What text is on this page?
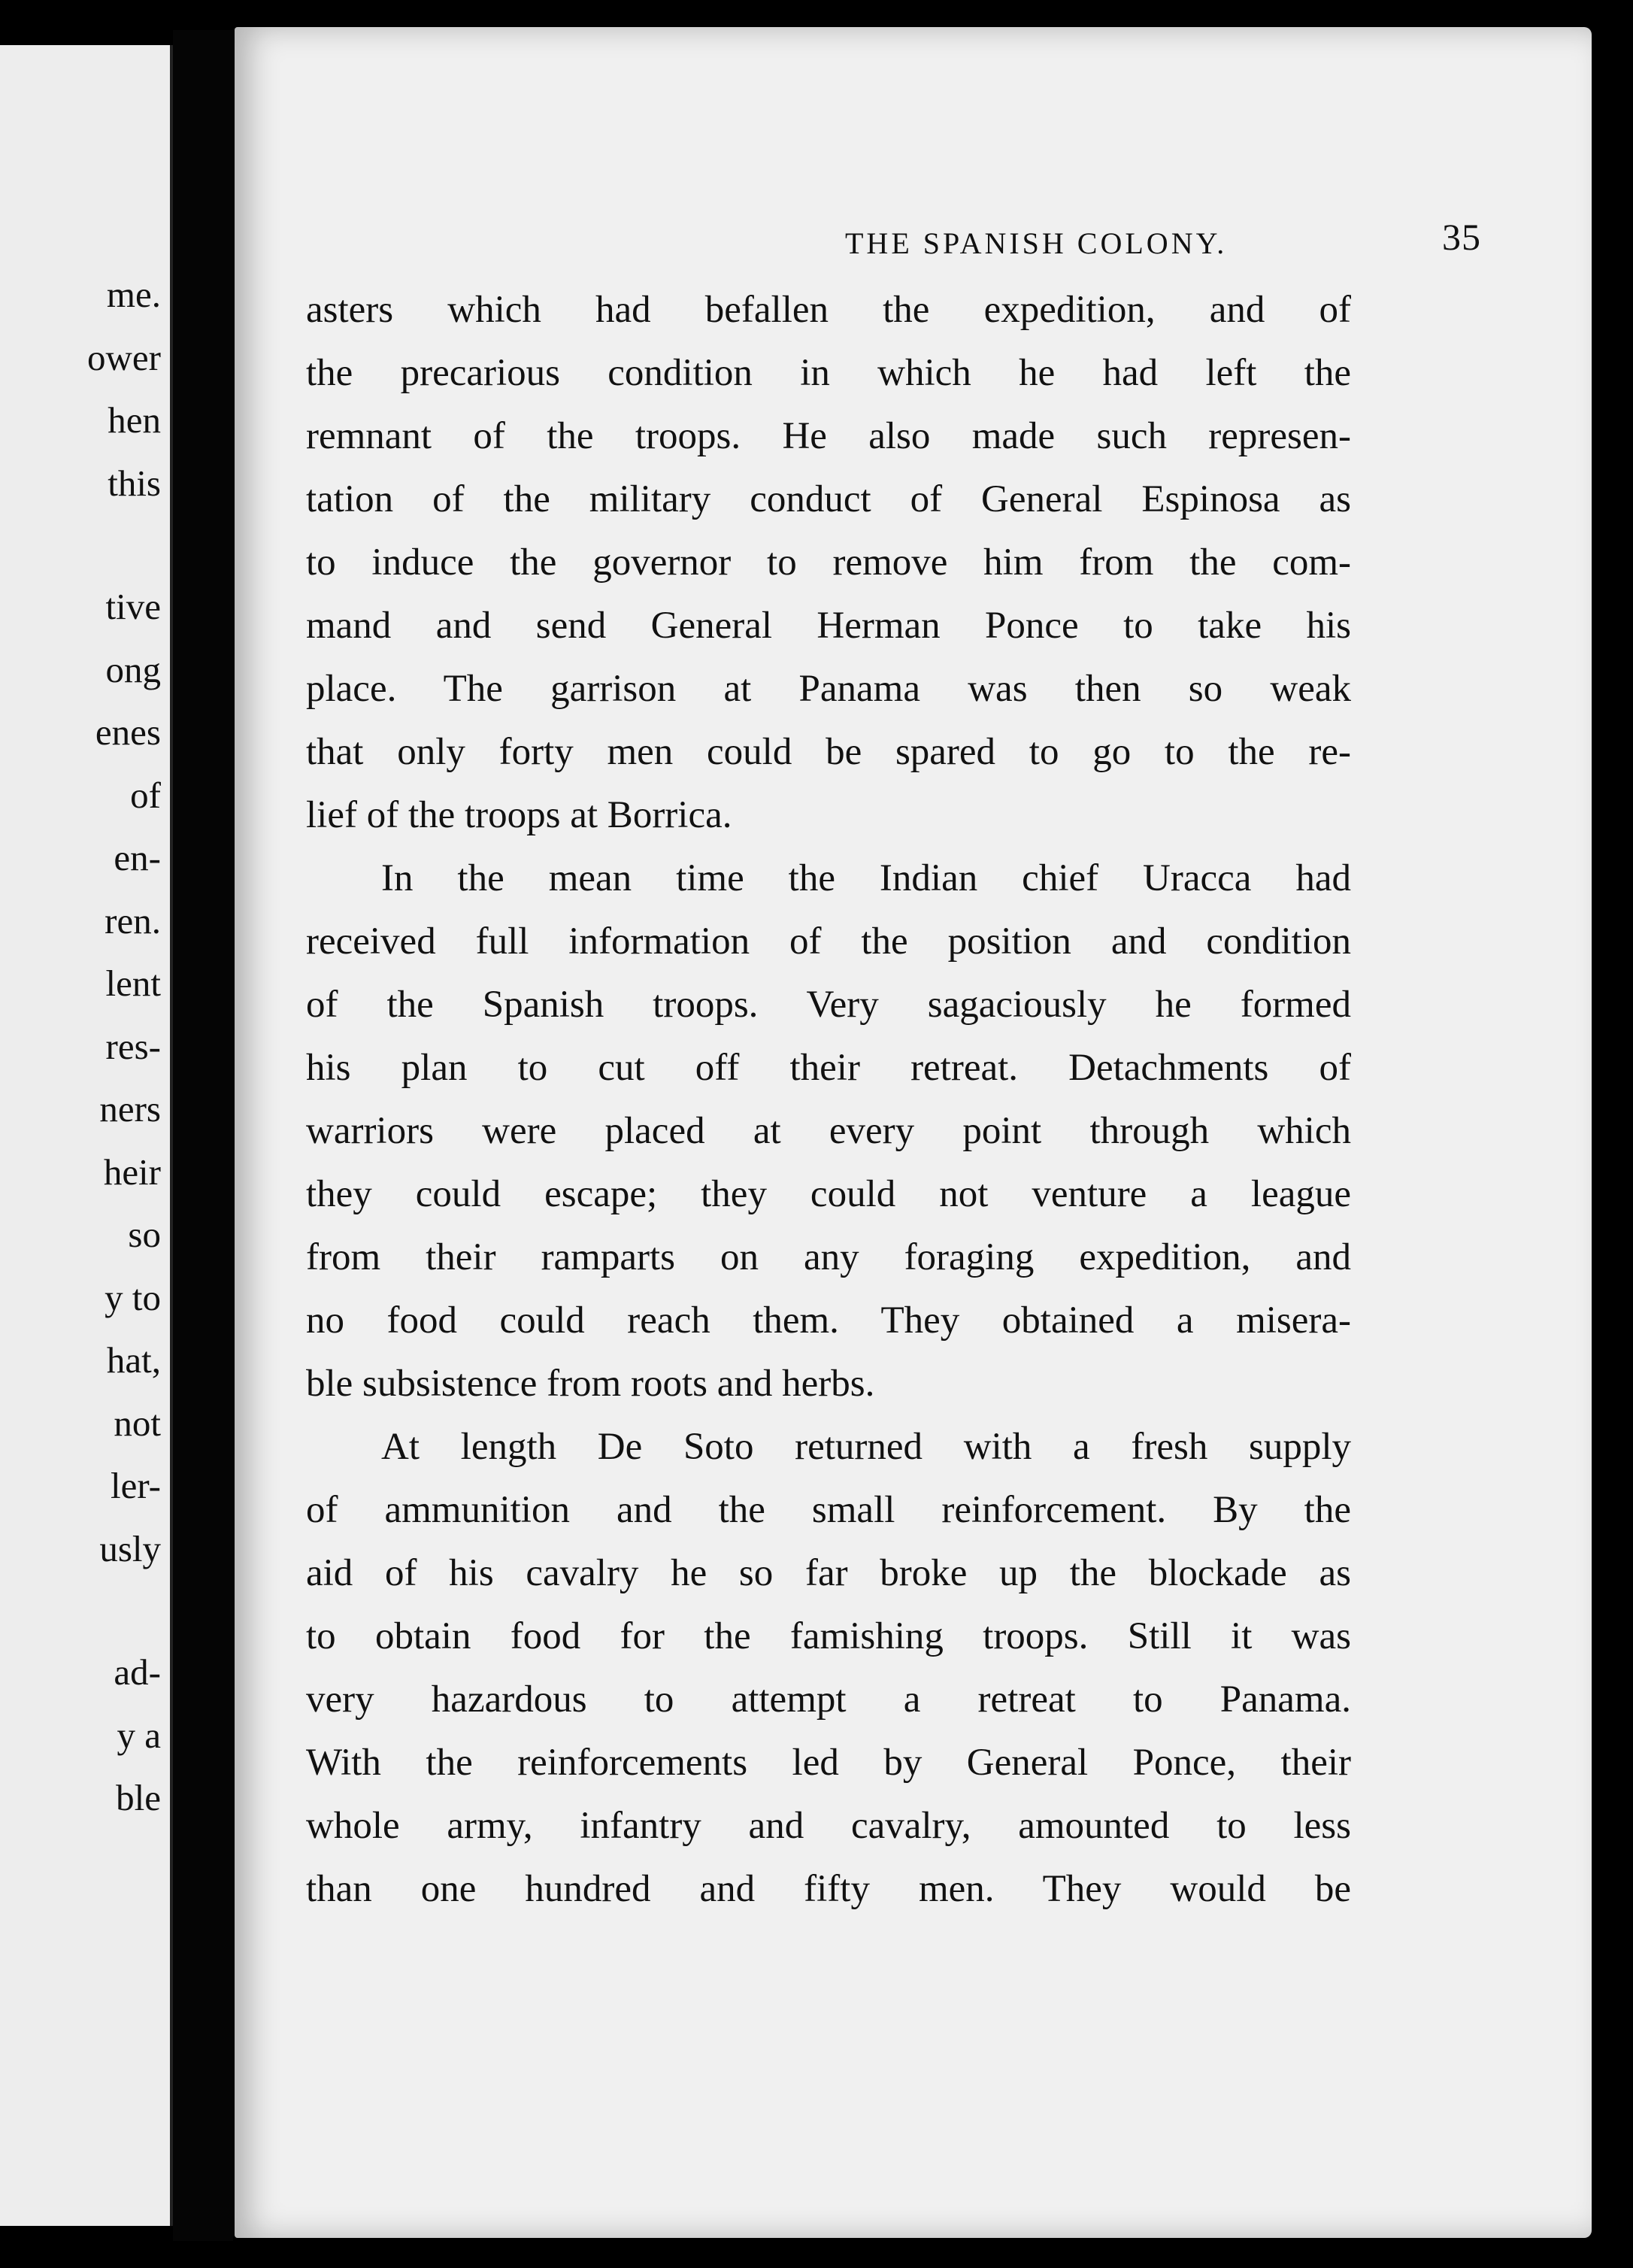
me.
ower
hen
this
tive
ong
enes
of
en-
ren.
lent
res-
ners
heir
so
y to
hat,
not
ler-
usly
ad-
y a
ble
THE SPANISH COLONY.	35
asters which had befallen the expedition, and of
the precarious condition in which he had left the
remnant of the troops. He also made such represen-
tation of the military conduct of General Espinosa as
to induce the governor to remove him from the com-
mand and send General Herman Ponce to take his
place. The garrison at Panama was then so weak
that only forty men could be spared to go to the re-
lief of the troops at Borrica.
In the mean time the Indian chief Uracca had
received full information of the position and condition
of the Spanish troops. Very sagaciously he formed
his plan to cut off their retreat. Detachments of
warriors were placed at every point through which
they could escape; they could not venture a league
from their ramparts on any foraging expedition, and
no food could reach them. They obtained a misera-
ble subsistence from roots and herbs.
At length De Soto returned with a fresh supply
of ammunition and the small reinforcement. By the
aid of his cavalry he so far broke up the blockade as
to obtain food for the famishing troops. Still it was
very hazardous to attempt a retreat to Panama.
With the reinforcements led by General Ponce, their
whole army, infantry and cavalry, amounted to less
than one hundred and fifty men. They would be
